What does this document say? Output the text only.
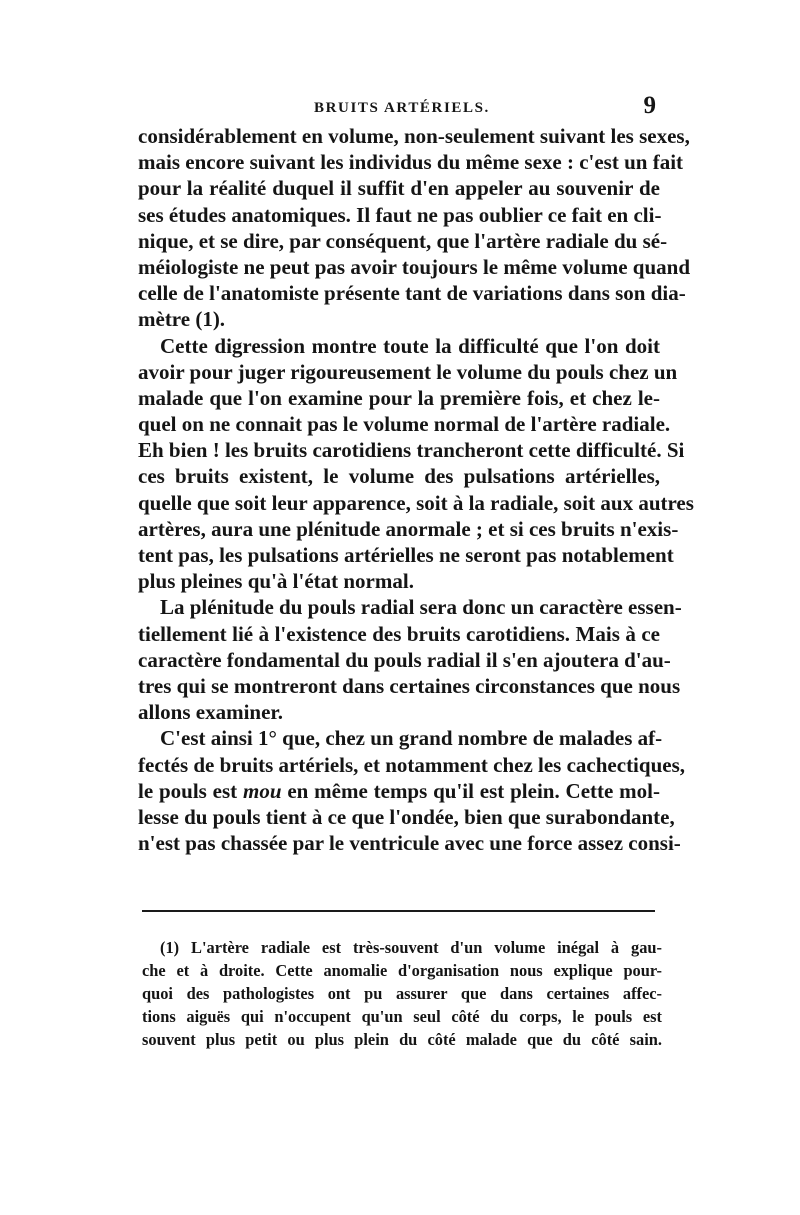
BRUITS ARTÉRIELS.	9
considérablement en volume, non-seulement suivant les sexes,
mais encore suivant les individus du même sexe : c'est un fait
pour la réalité duquel il suffit d'en appeler au souvenir de
ses études anatomiques. Il faut ne pas oublier ce fait en cli-
nique, et se dire, par conséquent, que l'artère radiale du sé-
méiologiste ne peut pas avoir toujours le même volume quand
celle de l'anatomiste présente tant de variations dans son dia-
mètre (1).
Cette digression montre toute la difficulté que l'on doit
avoir pour juger rigoureusement le volume du pouls chez un
malade que l'on examine pour la première fois, et chez le-
quel on ne connait pas le volume normal de l'artère radiale.
Eh bien ! les bruits carotidiens trancheront cette difficulté. Si
ces bruits existent, le volume des pulsations artérielles,
quelle que soit leur apparence, soit à la radiale, soit aux autres
artères, aura une plénitude anormale ; et si ces bruits n'exis-
tent pas, les pulsations artérielles ne seront pas notablement
plus pleines qu'à l'état normal.
La plénitude du pouls radial sera donc un caractère essen-
tiellement lié à l'existence des bruits carotidiens. Mais à ce
caractère fondamental du pouls radial il s'en ajoutera d'au-
tres qui se montreront dans certaines circonstances que nous
allons examiner.
C'est ainsi 1° que, chez un grand nombre de malades af-
fectés de bruits artériels, et notamment chez les cachectiques,
le pouls est mou en même temps qu'il est plein. Cette mol-
lesse du pouls tient à ce que l'ondée, bien que surabondante,
n'est pas chassée par le ventricule avec une force assez consi-
(1) L'artère radiale est très-souvent d'un volume inégal à gau-
che et à droite. Cette anomalie d'organisation nous explique pour-
quoi des pathologistes ont pu assurer que dans certaines affec-
tions aiguës qui n'occupent qu'un seul côté du corps, le pouls est
souvent plus petit ou plus plein du côté malade que du côté sain.
